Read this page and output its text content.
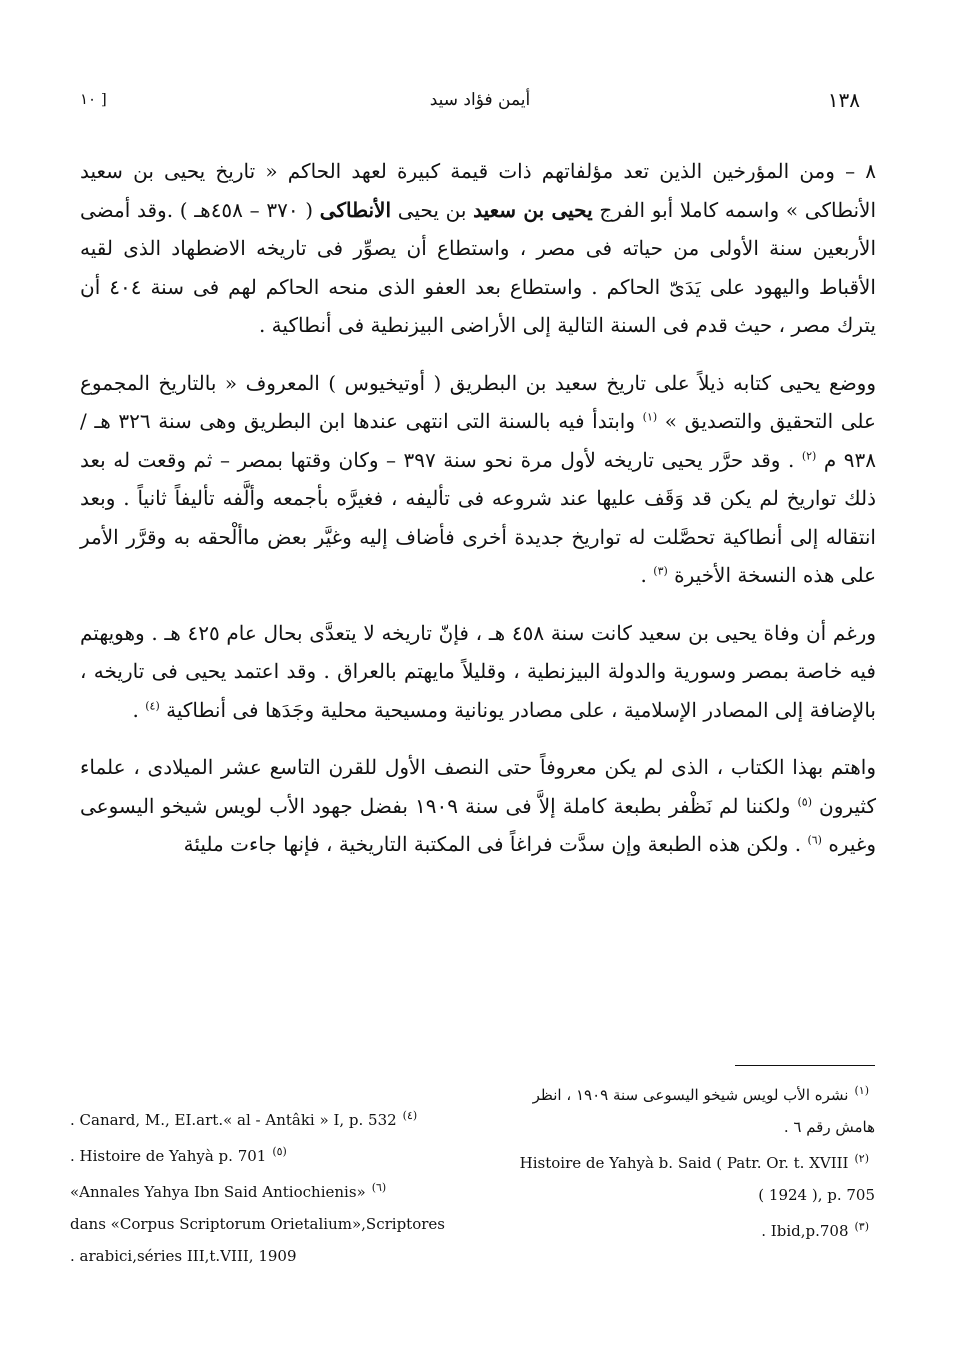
١٣٨
أيمن فؤاد سيد
[ ١٠

٨ – ومن المؤرخين الذين تعد مؤلفاتهم ذات قيمة كبيرة لعهد الحاكم « تاريخ يحيى بن سعيد الأنطاكى » واسمه كاملا أبو الفرج يحيى بن سعيد بن يحيى الأنطاكى ( ٣٧٠ – ٤٥٨هـ ) .وقد أمضى الأربعين سنة الأولى من حياته فى مصر ، واستطاع أن يصوِّر فى تاريخه الاضطهاد الذى لقيه الأقباط واليهود على يَدَىّ الحاكم . واستطاع بعد العفو الذى منحه الحاكم لهم فى سنة ٤٠٤ أن يترك مصر ، حيث قدم فى السنة التالية إلى الأراضى البيزنطية فى أنطاكية .

ووضع يحيى كتابه ذيلاً على تاريخ سعيد بن البطريق ( أوتيخيوس ) المعروف « بالتاريخ المجموع على التحقيق والتصديق » $^{(١)}$ وابتدأ فيه بالسنة التى انتهى عندها ابن البطريق وهى سنة ٣٢٦ هـ / ٩٣٨ م $^{(٢)}$ . وقد حرَّر يحيى تاريخه لأول مرة نحو سنة ٣٩٧ – وكان وقتها بمصر – ثم وقعت له بعد ذلك تواريخ لم يكن قد وَقَف عليها عند شروعه فى تأليفه ، فغيرَّه بأجمعه وألَّفه تأليفاً ثانياً . وبعد انتقاله إلى أنطاكية تحصَّلت له تواريخ جديدة أخرى فأضاف إليه وغيَّر بعض ماألْحقه به وقرَّر الأمر على هذه النسخة الأخيرة $^{(٣)}$ .

ورغم أن وفاة يحيى بن سعيد كانت سنة ٤٥٨ هـ ، فإنّ تاريخه لا يتعدَّى بحال عام ٤٢٥ هـ . وهويهتم فيه خاصة بمصر وسورية والدولة البيزنطية ، وقليلاً مايهتم بالعراق . وقد اعتمد يحيى فى تاريخه ، بالإضافة إلى المصادر الإسلامية ، على مصادر يونانية ومسيحية محلية وجَدَها فى أنطاكية $^{(٤)}$ .

واهتم بهذا الكتاب ، الذى لم يكن معروفاً حتى النصف الأول للقرن التاسع عشر الميلادى ، علماء كثيرون $^{(٥)}$ ولكننا لم نَظْفر بطبعة كاملة إلاَّ فى سنة ١٩٠٩ بفضل جهود الأب لويس شيخو اليسوعى وغيره $^{(٦)}$ . ولكن هذه الطبعة وإن سدَّت فراغاً فى المكتبة التاريخية ، فإنها جاءت مليئة

(١)نشره الأب لويس شيخو اليسوعى سنة ١٩٠٩ ، انظر

هامش رقم ٦ .

(٢)Histoire de Yahyà b. Said ( Patr. Or. t. XVIII

( 1924 ), p. 705

(٣). Ibid,p.708

. Canard, M., EI.art.« al - Antâki » I, p. 532 (٤)

. Histoire de Yahyà p. 701 (٥)

«Annales Yahya Ibn Said Antiochienis» (٦)

dans «Corpus Scriptorum Orietalium»,Scriptores

. arabici,séries III,t.VIII, 1909
